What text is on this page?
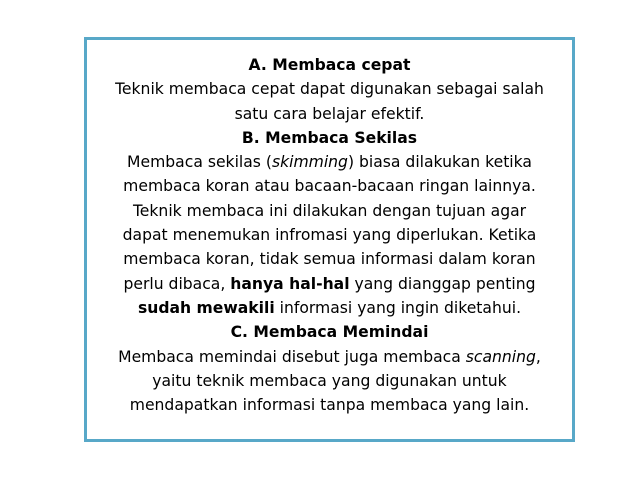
A. Membaca cepat
Teknik membaca cepat dapat digunakan sebagai salah
satu cara belajar efektif.
B. Membaca Sekilas
Membaca sekilas (skimming) biasa dilakukan ketika
membaca koran atau bacaan-bacaan ringan lainnya.
Teknik membaca ini dilakukan dengan tujuan agar
dapat menemukan infromasi yang diperlukan. Ketika
membaca koran, tidak semua informasi dalam koran
perlu dibaca, hanya hal-hal yang dianggap penting
sudah mewakili informasi yang ingin diketahui.
C. Membaca Memindai
Membaca memindai disebut juga membaca scanning,
yaitu teknik membaca yang digunakan untuk
mendapatkan informasi tanpa membaca yang lain.
